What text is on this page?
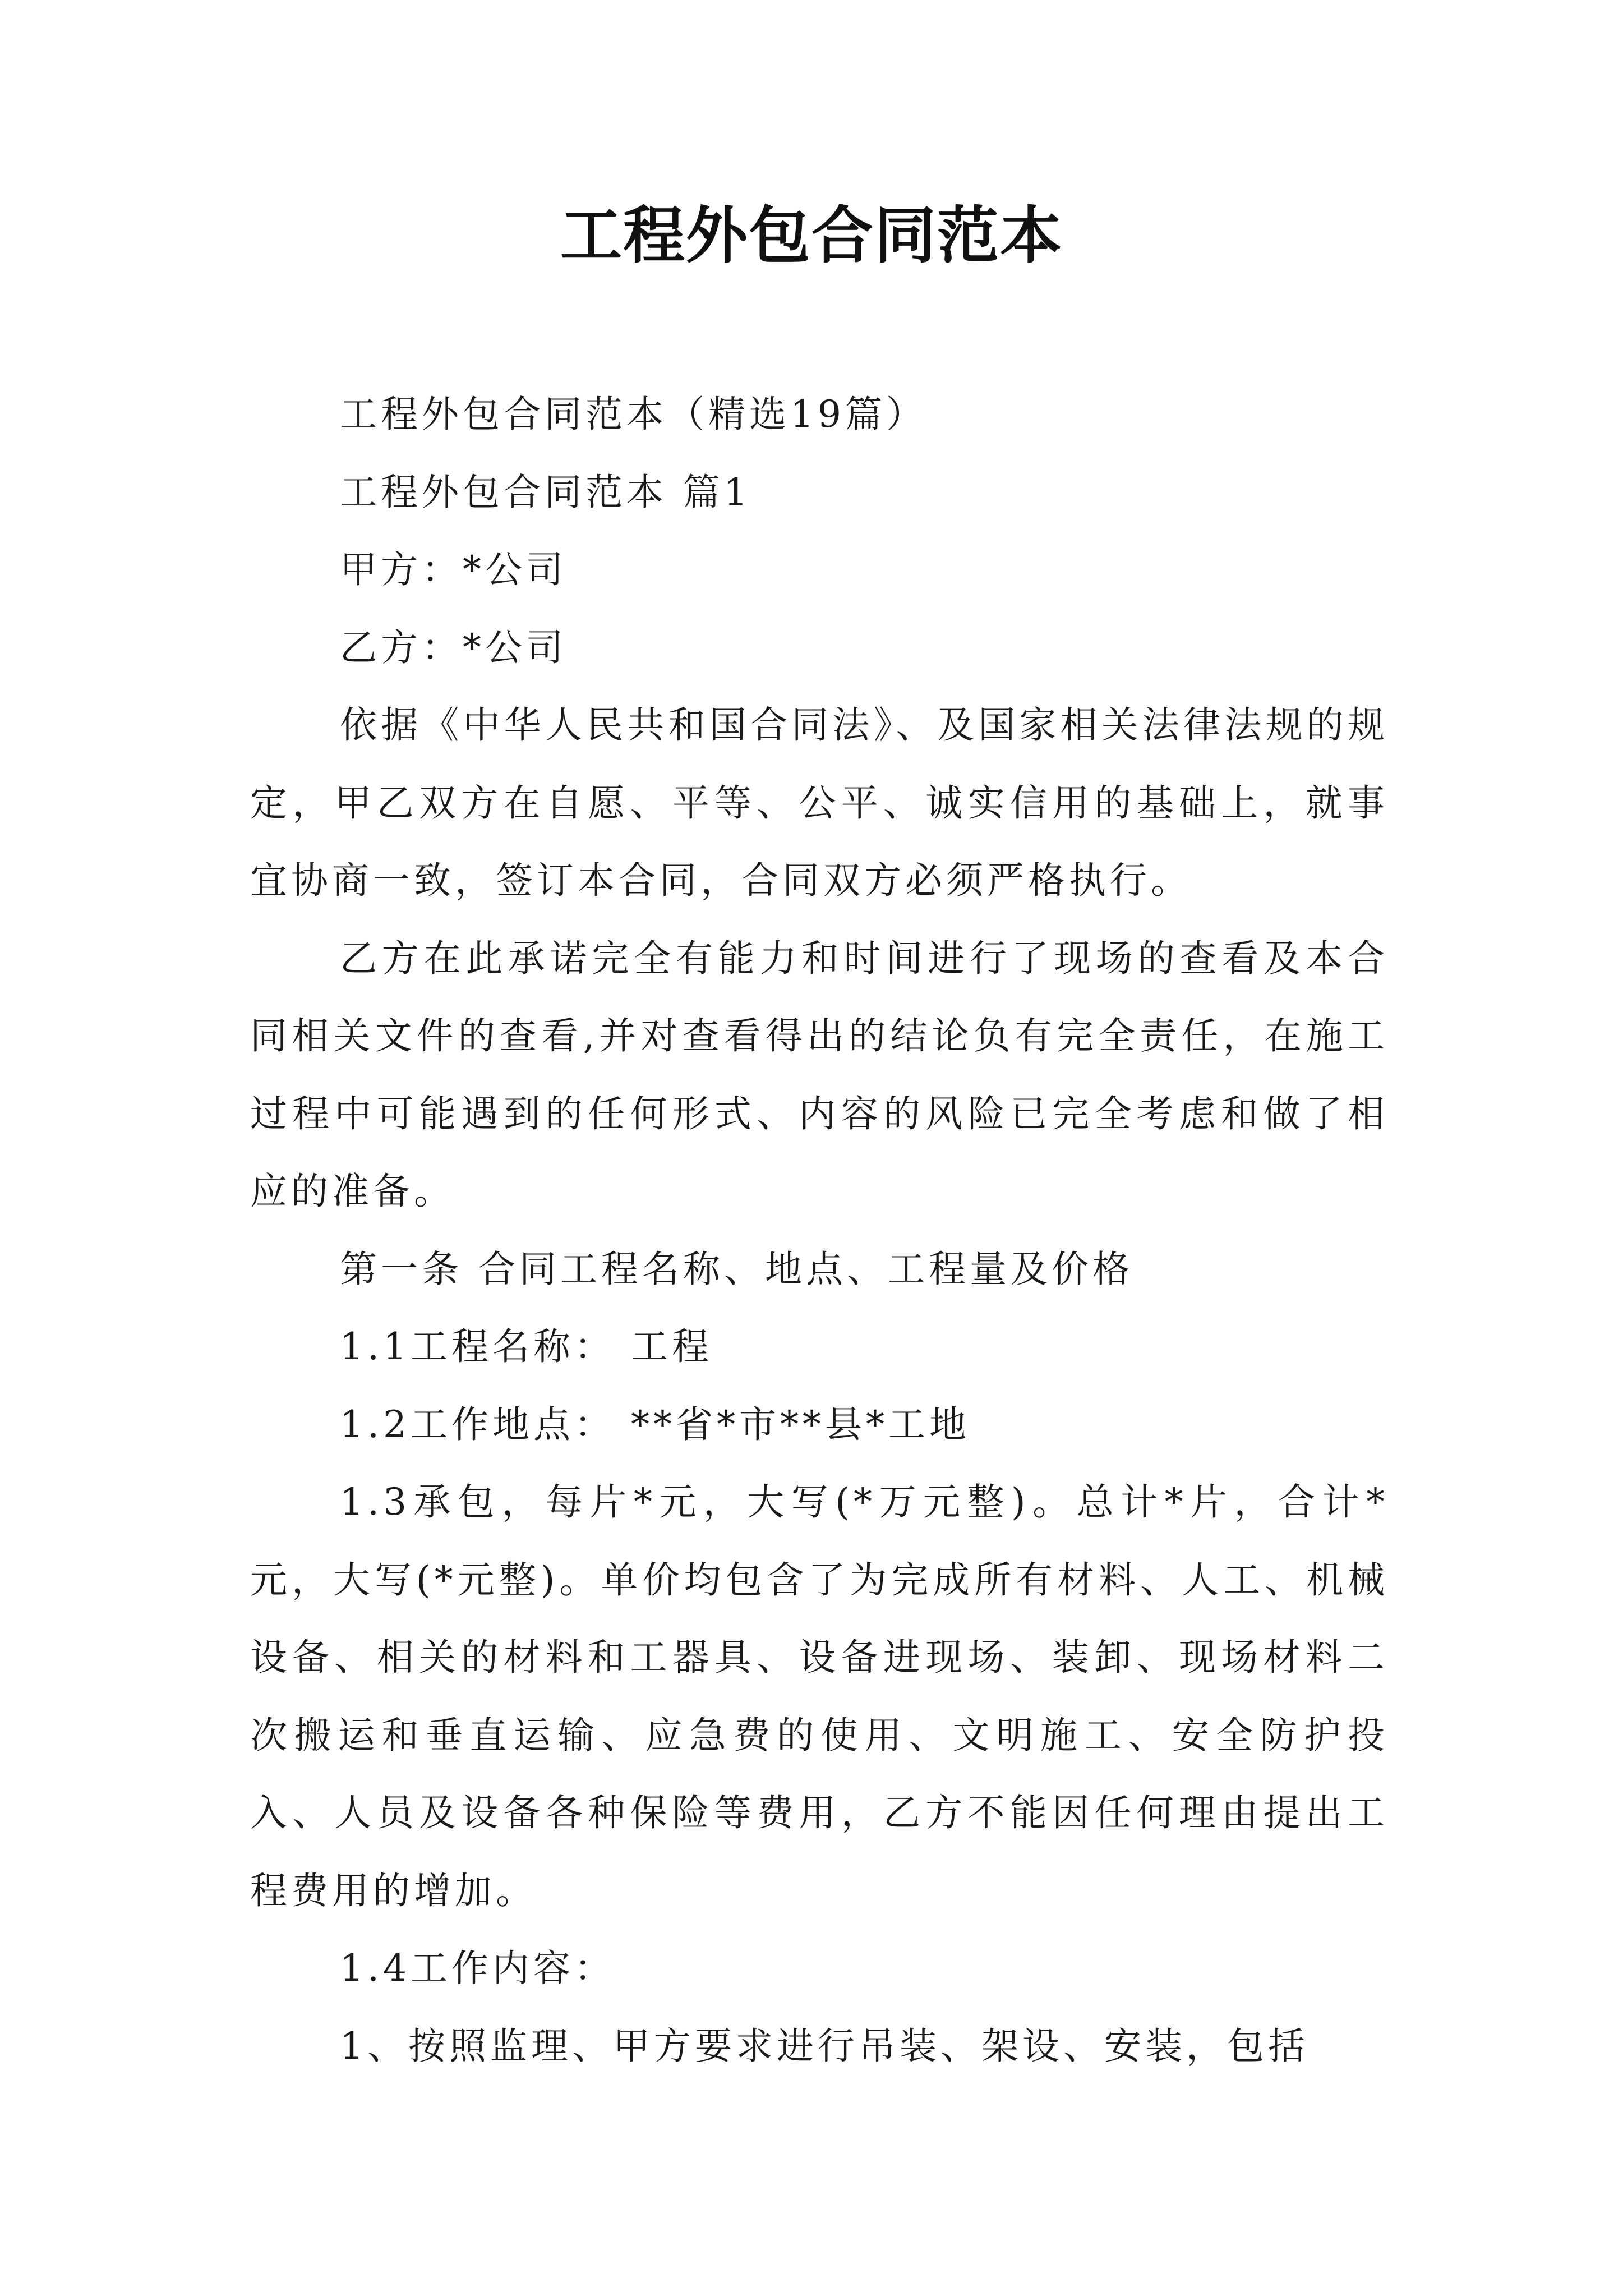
工程外包合同范本

工程外包合同范本（精选19篇）

工程外包合同范本 篇1

甲方：*公司

乙方：*公司

依据《中华人民共和国合同法》、及国家相关法律法规的规定，甲乙双方在自愿、平等、公平、诚实信用的基础上，就事宜协商一致，签订本合同，合同双方必须严格执行。

乙方在此承诺完全有能力和时间进行了现场的查看及本合同相关文件的查看,并对查看得出的结论负有完全责任，在施工过程中可能遇到的任何形式、内容的风险已完全考虑和做了相应的准备。

第一条 合同工程名称、地点、工程量及价格

1.1工程名称： 工程

1.2工作地点： **省*市**县*工地

1.3承包，每片*元，大写(*万元整)。总计*片，合计*元，大写(*元整)。单价均包含了为完成所有材料、人工、机械设备、相关的材料和工器具、设备进现场、装卸、现场材料二次搬运和垂直运输、应急费的使用、文明施工、安全防护投入、人员及设备各种保险等费用，乙方不能因任何理由提出工程费用的增加。

1.4工作内容：

1、按照监理、甲方要求进行吊装、架设、安装，包括
